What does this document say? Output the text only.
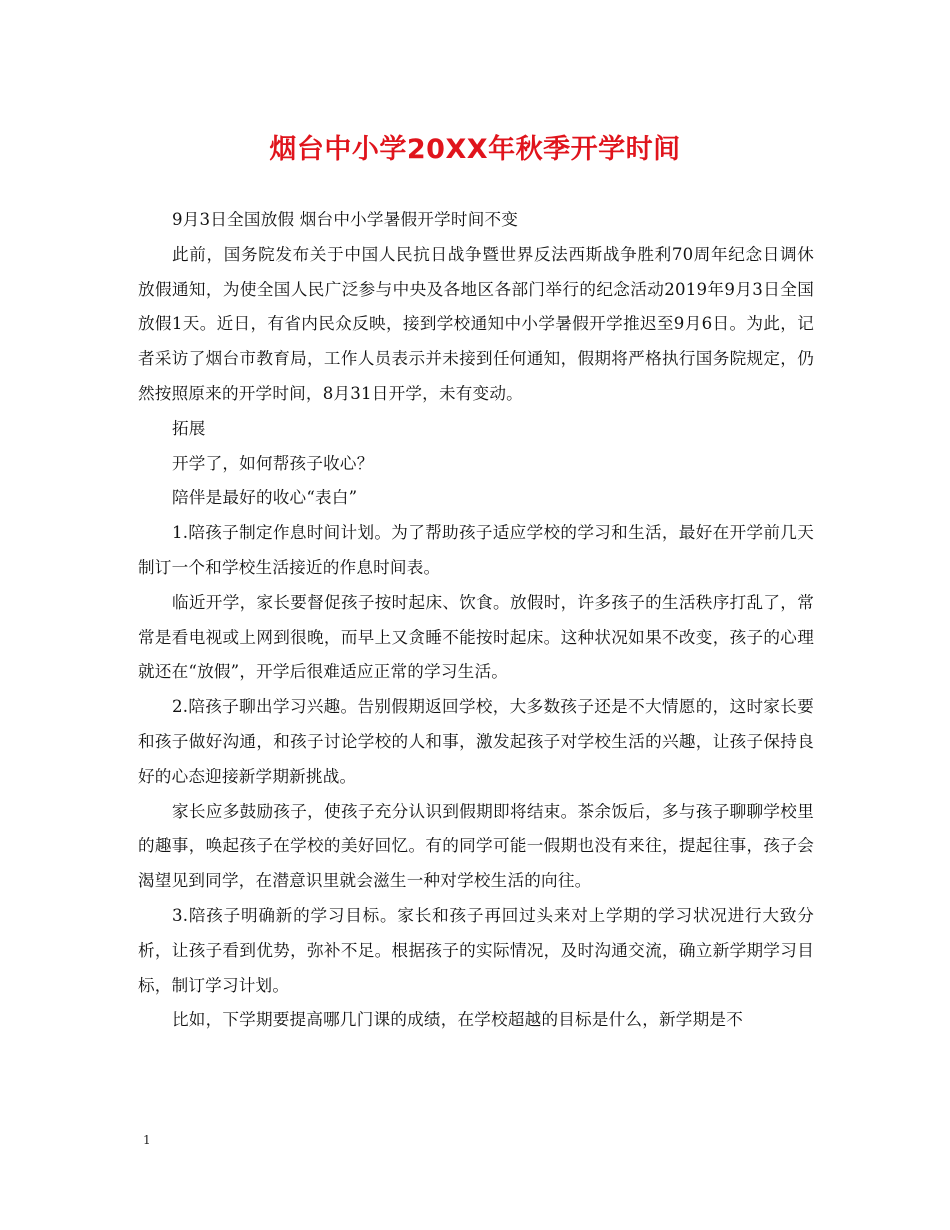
烟台中小学20XX年秋季开学时间

9月3日全国放假 烟台中小学暑假开学时间不变

此前，国务院发布关于中国人民抗日战争暨世界反法西斯战争胜利70周年纪念日调休放假通知，为使全国人民广泛参与中央及各地区各部门举行的纪念活动2019年9月3日全国放假1天。近日，有省内民众反映，接到学校通知中小学暑假开学推迟至9月6日。为此，记者采访了烟台市教育局，工作人员表示并未接到任何通知，假期将严格执行国务院规定，仍然按照原来的开学时间，8月31日开学，未有变动。

拓展

开学了，如何帮孩子收心？

陪伴是最好的收心“表白”

1.陪孩子制定作息时间计划。为了帮助孩子适应学校的学习和生活，最好在开学前几天制订一个和学校生活接近的作息时间表。

临近开学，家长要督促孩子按时起床、饮食。放假时，许多孩子的生活秩序打乱了，常常是看电视或上网到很晚，而早上又贪睡不能按时起床。这种状况如果不改变，孩子的心理就还在“放假”，开学后很难适应正常的学习生活。

2.陪孩子聊出学习兴趣。告别假期返回学校，大多数孩子还是不大情愿的，这时家长要和孩子做好沟通，和孩子讨论学校的人和事，激发起孩子对学校生活的兴趣，让孩子保持良好的心态迎接新学期新挑战。

家长应多鼓励孩子，使孩子充分认识到假期即将结束。茶余饭后，多与孩子聊聊学校里的趣事，唤起孩子在学校的美好回忆。有的同学可能一假期也没有来往，提起往事，孩子会渴望见到同学，在潜意识里就会滋生一种对学校生活的向往。

3.陪孩子明确新的学习目标。家长和孩子再回过头来对上学期的学习状况进行大致分析，让孩子看到优势，弥补不足。根据孩子的实际情况，及时沟通交流，确立新学期学习目标，制订学习计划。

比如，下学期要提高哪几门课的成绩，在学校超越的目标是什么，新学期是不

1
